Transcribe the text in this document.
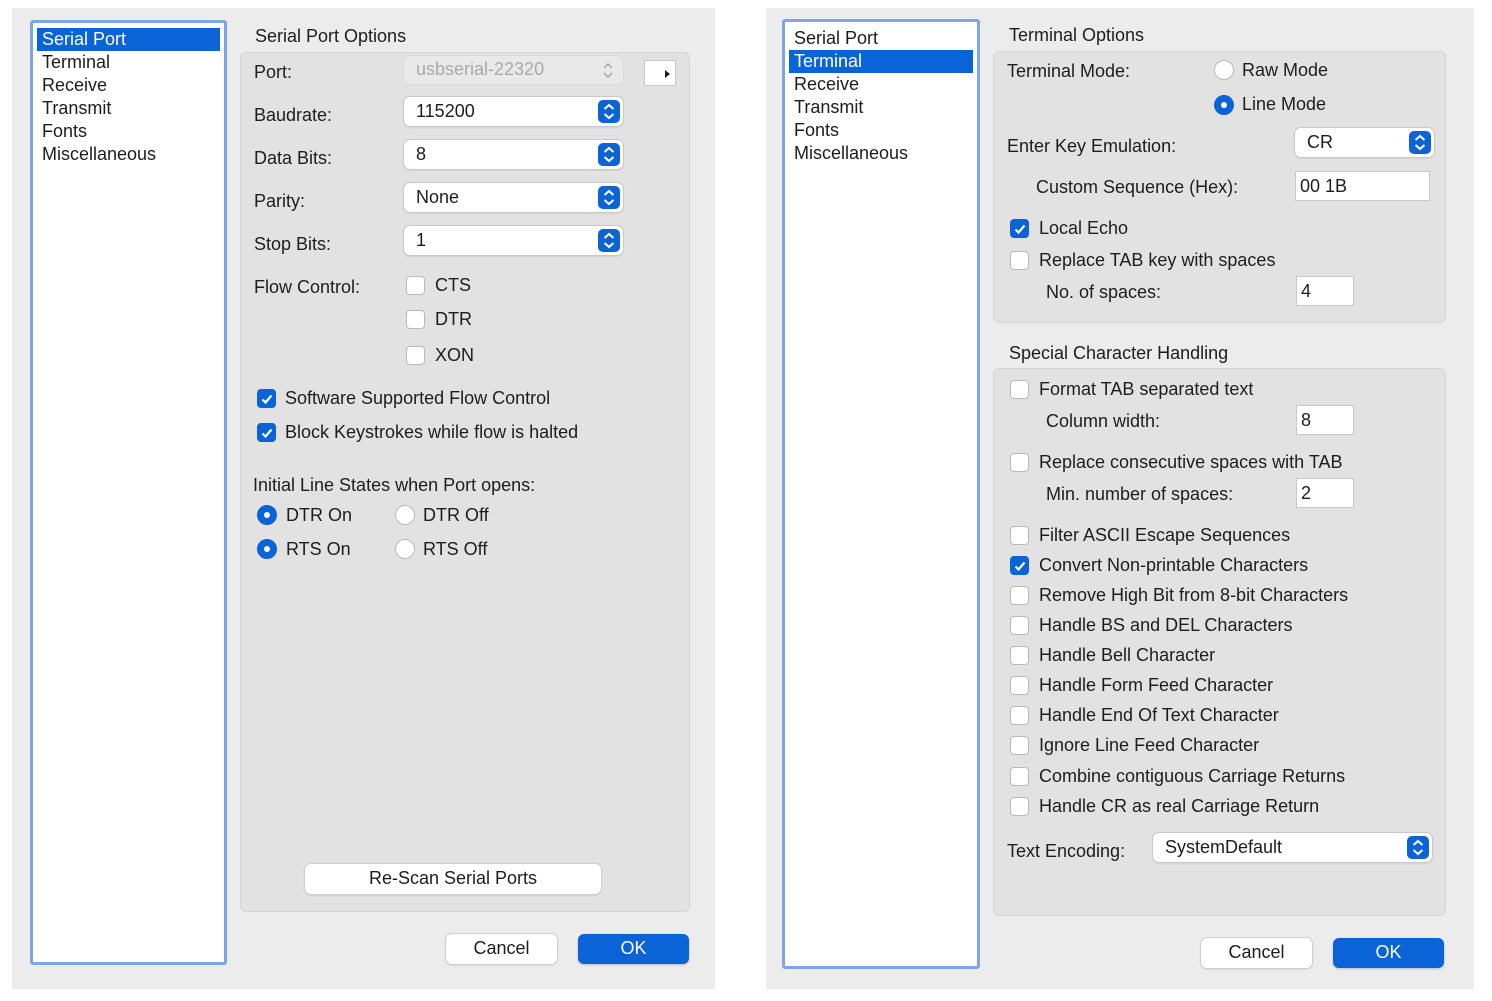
Serial Port
Terminal
Receive
Transmit
Fonts
Miscellaneous
Serial Port Options
Port:	usbserial-22320
Baudrate:	115200
Data Bits:	8
Parity:	None
Stop Bits:	1
Flow Control:	CTS
DTR
XON
Software Supported Flow Control
Block Keystrokes while flow is halted
Initial Line States when Port opens:
DTR On	DTR Off
RTS On	RTS Off
Re-Scan Serial Ports
Cancel	OK
Serial Port
Terminal
Receive
Transmit
Fonts
Miscellaneous
Terminal Options
Terminal Mode:	Raw Mode
Line Mode
Enter Key Emulation:	CR
Custom Sequence (Hex):	00 1B
Local Echo
Replace TAB key with spaces
No. of spaces:	4
Special Character Handling
Format TAB separated text
Column width:	8
Replace consecutive spaces with TAB
Min. number of spaces:	2
Filter ASCII Escape Sequences
Convert Non-printable Characters
Remove High Bit from 8-bit Characters
Handle BS and DEL Characters
Handle Bell Character
Handle Form Feed Character
Handle End Of Text Character
Ignore Line Feed Character
Combine contiguous Carriage Returns
Handle CR as real Carriage Return
Text Encoding:	SystemDefault
Cancel	OK
